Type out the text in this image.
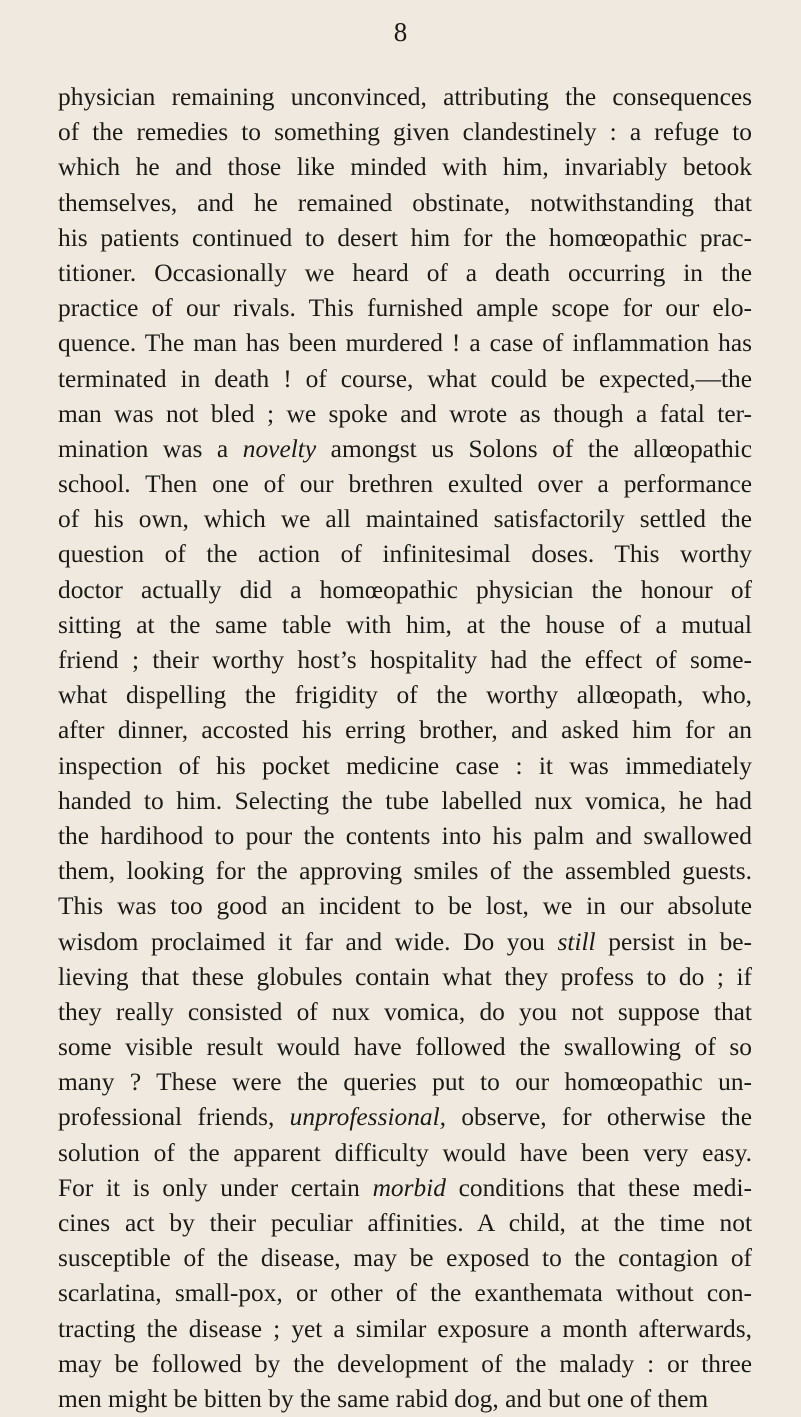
8
physician remaining unconvinced, attributing the consequences
of the remedies to something given clandestinely : a refuge to
which he and those like minded with him, invariably betook
themselves, and he remained obstinate, notwithstanding that
his patients continued to desert him for the homœopathic prac-
titioner. Occasionally we heard of a death occurring in the
practice of our rivals. This furnished ample scope for our elo-
quence. The man has been murdered ! a case of inflammation has
terminated in death ! of course, what could be expected,—the
man was not bled ; we spoke and wrote as though a fatal ter-
mination was a novelty amongst us Solons of the allœopathic
school. Then one of our brethren exulted over a performance
of his own, which we all maintained satisfactorily settled the
question of the action of infinitesimal doses. This worthy
doctor actually did a homœopathic physician the honour of
sitting at the same table with him, at the house of a mutual
friend ; their worthy host’s hospitality had the effect of some-
what dispelling the frigidity of the worthy allœopath, who,
after dinner, accosted his erring brother, and asked him for an
inspection of his pocket medicine case : it was immediately
handed to him. Selecting the tube labelled nux vomica, he had
the hardihood to pour the contents into his palm and swallowed
them, looking for the approving smiles of the assembled guests.
This was too good an incident to be lost, we in our absolute
wisdom proclaimed it far and wide. Do you still persist in be-
lieving that these globules contain what they profess to do ; if
they really consisted of nux vomica, do you not suppose that
some visible result would have followed the swallowing of so
many ? These were the queries put to our homœopathic un-
professional friends, unprofessional, observe, for otherwise the
solution of the apparent difficulty would have been very easy.
For it is only under certain morbid conditions that these medi-
cines act by their peculiar affinities. A child, at the time not
susceptible of the disease, may be exposed to the contagion of
scarlatina, small-pox, or other of the exanthemata without con-
tracting the disease ; yet a similar exposure a month afterwards,
may be followed by the development of the malady : or three
men might be bitten by the same rabid dog, and but one of them
